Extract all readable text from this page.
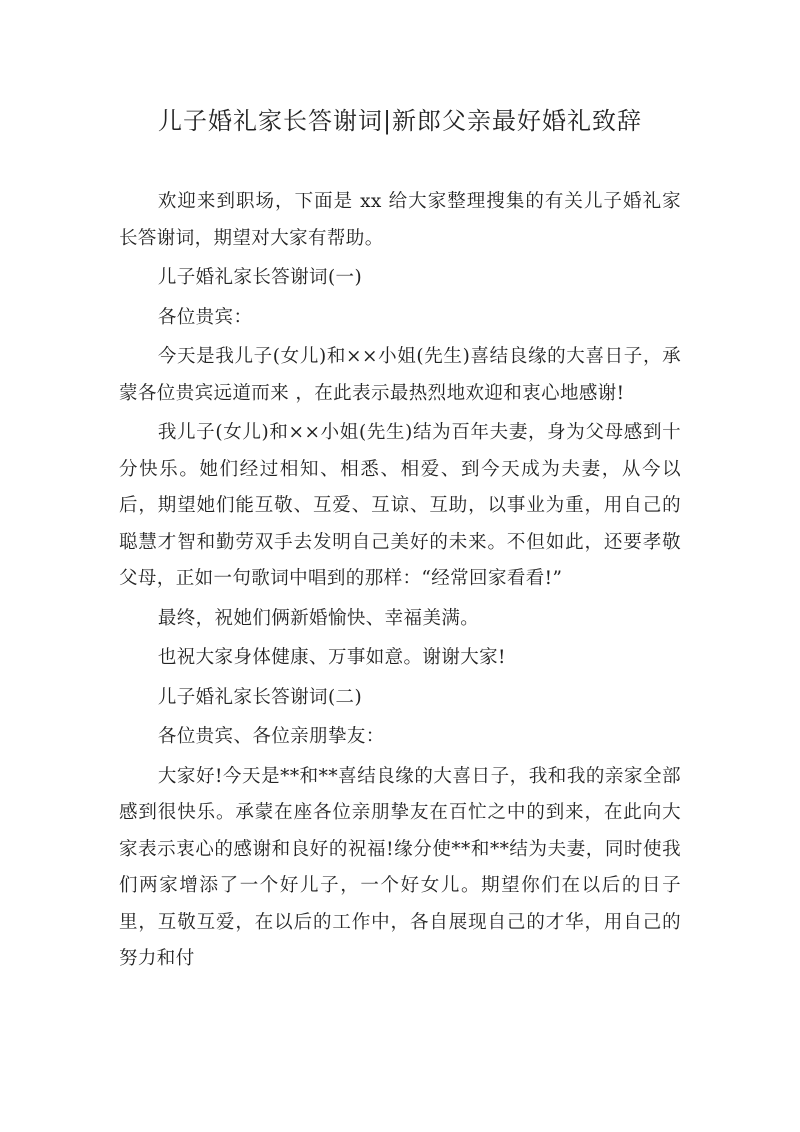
儿子婚礼家长答谢词|新郎父亲最好婚礼致辞

欢迎来到职场，下面是 xx 给大家整理搜集的有关儿子婚礼家长答谢词，期望对大家有帮助。

儿子婚礼家长答谢词(一)

各位贵宾：

今天是我儿子(女儿)和××小姐(先生)喜结良缘的大喜日子，承蒙各位贵宾远道而来 ，在此表示最热烈地欢迎和衷心地感谢!

我儿子(女儿)和××小姐(先生)结为百年夫妻，身为父母感到十分快乐。她们经过相知、相悉、相爱、到今天成为夫妻，从今以后，期望她们能互敬、互爱、互谅、互助，以事业为重，用自己的聪慧才智和勤劳双手去发明自己美好的未来。不但如此，还要孝敬父母，正如一句歌词中唱到的那样：“经常回家看看!”

最终，祝她们俩新婚愉快、幸福美满。

也祝大家身体健康、万事如意。谢谢大家!

儿子婚礼家长答谢词(二)

各位贵宾、各位亲朋挚友：

大家好!今天是**和**喜结良缘的大喜日子，我和我的亲家全部感到很快乐。承蒙在座各位亲朋挚友在百忙之中的到来，在此向大家表示衷心的感谢和良好的祝福!缘分使**和**结为夫妻，同时使我们两家增添了一个好儿子，一个好女儿。期望你们在以后的日子里，互敬互爱，在以后的工作中，各自展现自己的才华，用自己的努力和付
